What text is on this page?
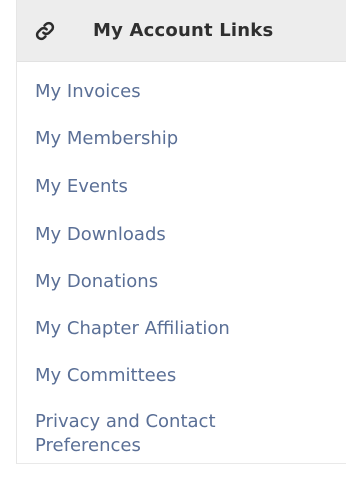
My Account Links
My Invoices
My Membership
My Events
My Downloads
My Donations
My Chapter Affiliation
My Committees
Privacy and Contact Preferences
